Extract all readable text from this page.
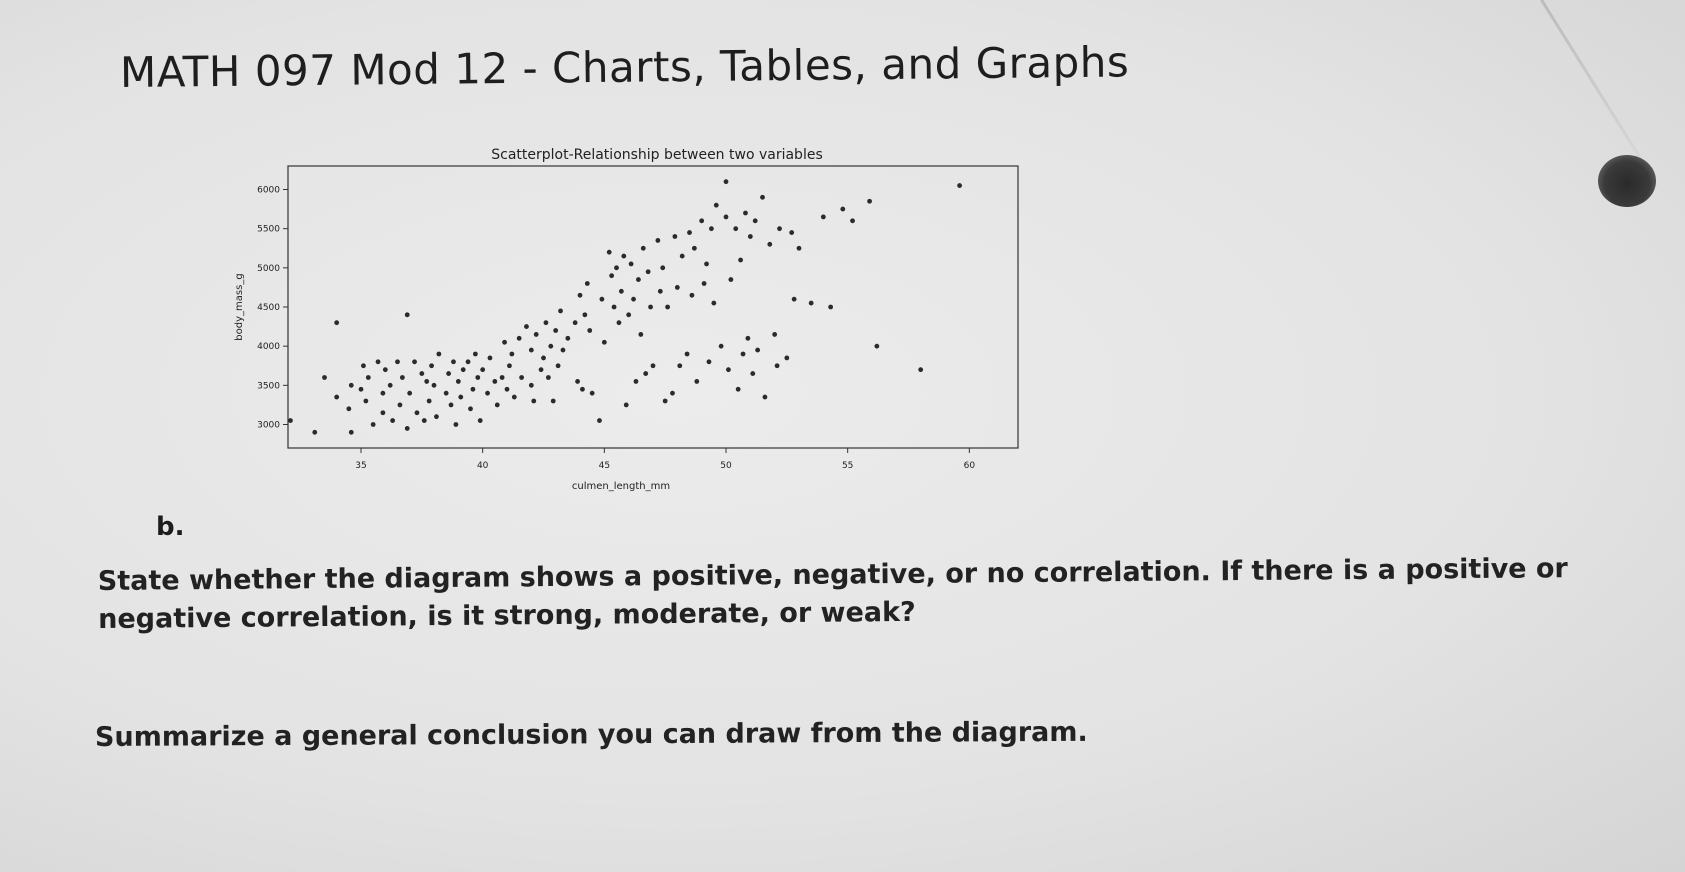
MATH 097 Mod 12 - Charts, Tables, and Graphs
Scatterplot-Relationship between two variables
3000
3500
4000
4500
5000
5500
6000
35	40	45	50	55	60
culmen_length_mm
body_mass_g
b.
State whether the diagram shows a positive, negative, or no correlation. If there is a positive or negative correlation, is it strong, moderate, or weak?
Summarize a general conclusion you can draw from the diagram.
